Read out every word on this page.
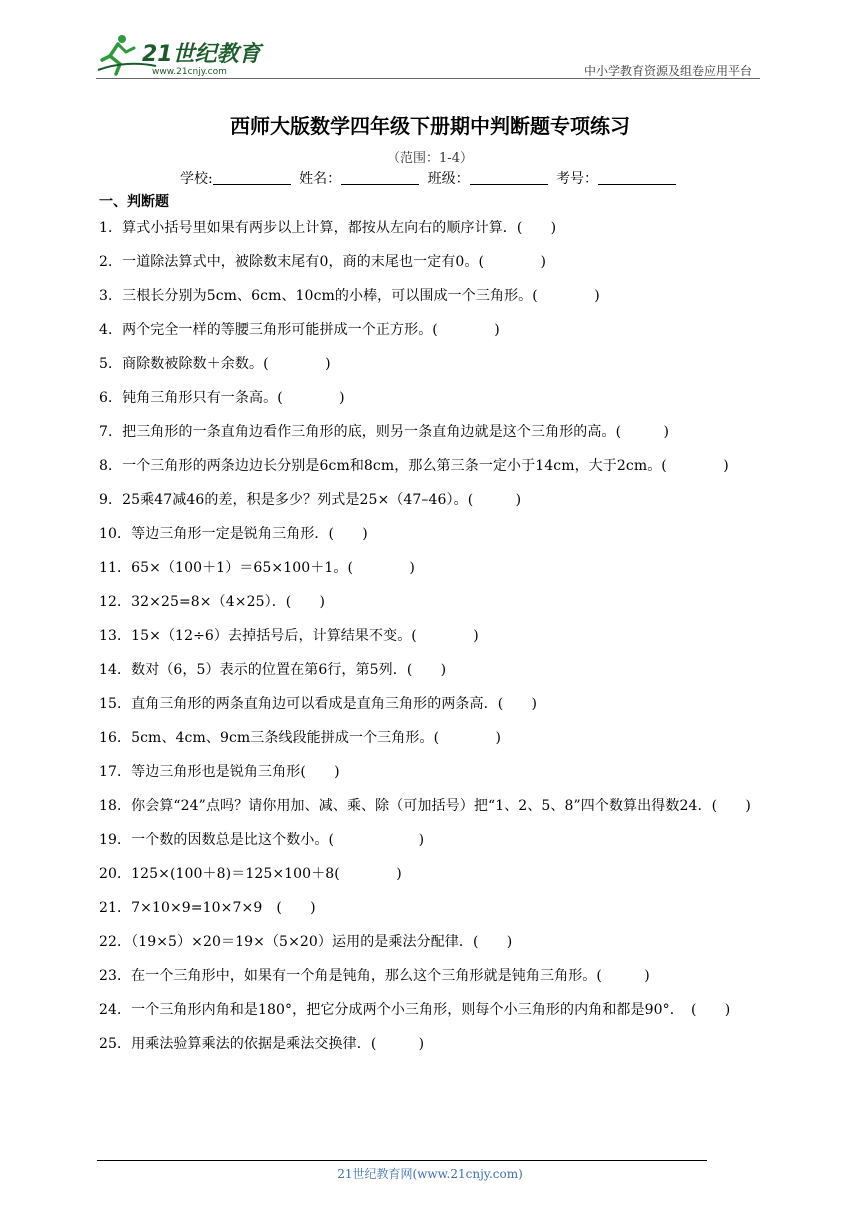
21世纪教育
www.21cnjy.com	中小学教育资源及组卷应用平台
西师大版数学四年级下册期中判断题专项练习
（范围：1-4）
学校:	姓名：	班级：	考号：
一、判断题
1．算式小括号里如果有两步以上计算，都按从左向右的顺序计算．(　　)
2．一道除法算式中，被除数末尾有0，商的末尾也一定有0。(　　　　)
3．三根长分别为5cm、6cm、10cm的小棒，可以围成一个三角形。(　　　　)
4．两个完全一样的等腰三角形可能拼成一个正方形。(　　　　)
5．商除数被除数＋余数。(　　　　)
6．钝角三角形只有一条高。(　　　　)
7．把三角形的一条直角边看作三角形的底，则另一条直角边就是这个三角形的高。(　　　)
8．一个三角形的两条边边长分别是6cm和8cm，那么第三条一定小于14cm，大于2cm。(　　　　)
9．25乘47减46的差，积是多少？列式是25×（47–46）。(　　　)
10．等边三角形一定是锐角三角形．(　　)
11．65×（100＋1）＝65×100＋1。(　　　　)
12．32×25=8×（4×25）．(　　)
13．15×（12÷6）去掉括号后，计算结果不变。(　　　　)
14．数对（6，5）表示的位置在第6行，第5列．(　　)
15．直角三角形的两条直角边可以看成是直角三角形的两条高．(　　)
16．5cm、4cm、9cm三条线段能拼成一个三角形。(　　　　)
17．等边三角形也是锐角三角形(　　)
18．你会算“24”点吗？请你用加、减、乘、除（可加括号）把“1、2、5、8”四个数算出得数24．(　　)
19．一个数的因数总是比这个数小。(　　　　　　)
20．125×(100＋8)＝125×100＋8(　　　　)
21．7×10×9=10×7×9　(　　)
22．（19×5）×20＝19×（5×20）运用的是乘法分配律．(　　)
23．在一个三角形中，如果有一个角是钝角，那么这个三角形就是钝角三角形。(　　　)
24．一个三角形内角和是180°，把它分成两个小三角形，则每个小三角形的内角和都是90°．　(　　)
25．用乘法验算乘法的依据是乘法交换律．(　　　)
21世纪教育网(www.21cnjy.com)
